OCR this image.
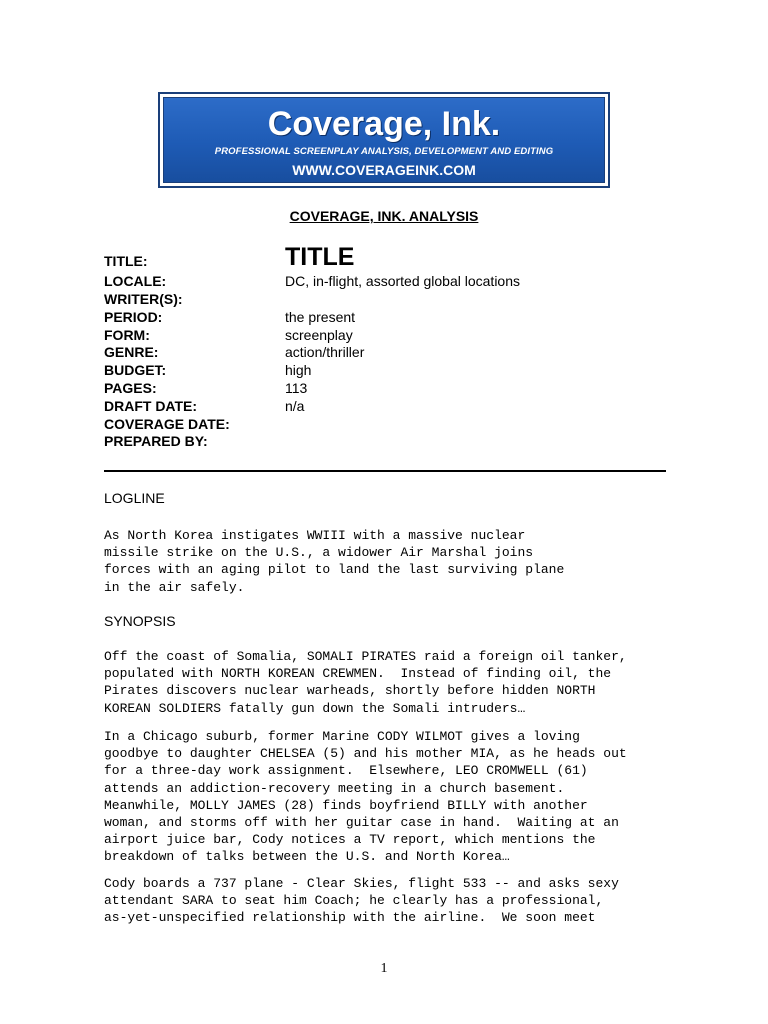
Coverage, Ink.
PROFESSIONAL SCREENPLAY ANALYSIS, DEVELOPMENT AND EDITING
WWW.COVERAGEINK.COM
COVERAGE, INK. ANALYSIS
TITLE:	TITLE
LOCALE:	DC, in-flight, assorted global locations
WRITER(S):
PERIOD:	the present
FORM:	screenplay
GENRE:	action/thriller
BUDGET:	high
PAGES:	113
DRAFT DATE:	n/a
COVERAGE DATE:
PREPARED BY:
LOGLINE
As North Korea instigates WWIII with a massive nuclear
missile strike on the U.S., a widower Air Marshal joins
forces with an aging pilot to land the last surviving plane
in the air safely.
SYNOPSIS
Off the coast of Somalia, SOMALI PIRATES raid a foreign oil tanker,
populated with NORTH KOREAN CREWMEN.  Instead of finding oil, the
Pirates discovers nuclear warheads, shortly before hidden NORTH
KOREAN SOLDIERS fatally gun down the Somali intruders…
In a Chicago suburb, former Marine CODY WILMOT gives a loving
goodbye to daughter CHELSEA (5) and his mother MIA, as he heads out
for a three-day work assignment.  Elsewhere, LEO CROMWELL (61)
attends an addiction-recovery meeting in a church basement.
Meanwhile, MOLLY JAMES (28) finds boyfriend BILLY with another
woman, and storms off with her guitar case in hand.  Waiting at an
airport juice bar, Cody notices a TV report, which mentions the
breakdown of talks between the U.S. and North Korea…
Cody boards a 737 plane - Clear Skies, flight 533 -- and asks sexy
attendant SARA to seat him Coach; he clearly has a professional,
as-yet-unspecified relationship with the airline.  We soon meet
1
